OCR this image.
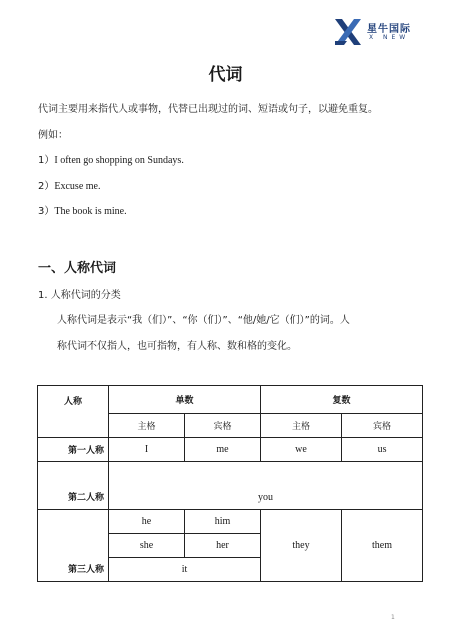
星牛国际
X NEW
代词
代词主要用来指代人或事物，代替已出现过的词、短语或句子，以避免重复。
例如：
1）I often go shopping on Sundays.
2）Excuse me.
3）The book is mine.
一、人称代词
1. 人称代词的分类
人称代词是表示“我（们）”、“你（们）”、“他/她/它（们）”的词。人
称代词不仅指人，也可指物，有人称、数和格的变化。
人称	单数		复数	
	主格	宾格	主格	宾格
第一人称	I	me	we	us
第二人称	you			
第三人称	he	him	they	them
	she	her		
	it			
1
